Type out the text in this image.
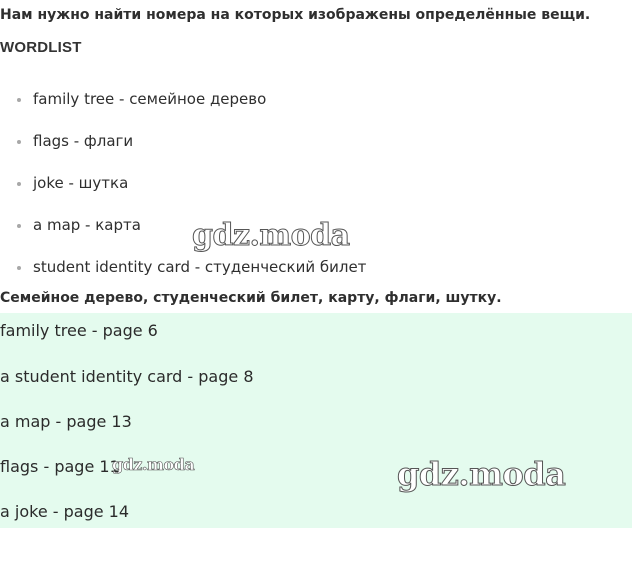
Нам нужно найти номера на которых изображены определённые вещи.
WORDLIST
family tree - семейное дерево
flags - флаги
joke - шутка
a map - карта
student identity card - студенческий билет
Семейное дерево, студенческий билет, карту, флаги, шутку.
family tree - page 6
a student identity card - page 8
a map - page 13
flags - page 11
a joke - page 14
gdz.moda
gdz.moda	gdz.moda
